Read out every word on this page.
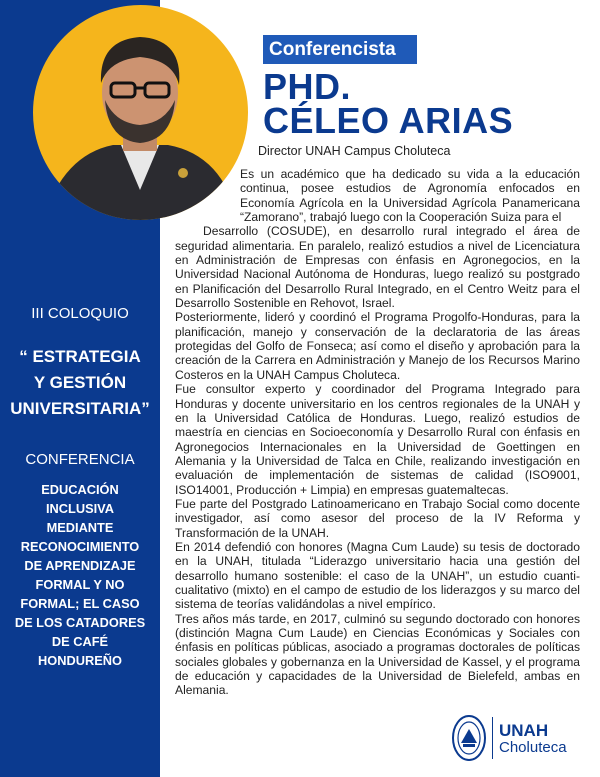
Conferencista
PHD.
CÉLEO ARIAS
Director UNAH Campus Choluteca
III COLOQUIO
“ ESTRATEGIA
Y GESTIÓN
UNIVERSITARIA”
CONFERENCIA
EDUCACIÓN
INCLUSIVA
MEDIANTE
RECONOCIMIENTO
DE APRENDIZAJE
FORMAL Y NO
FORMAL; EL CASO
DE LOS CATADORES
DE CAFÉ
HONDUREÑO

Es un académico que ha dedicado su vida a la educación continua, posee estudios de Agronomía enfocados en Economía Agrícola en la Universidad Agrícola Panamericana “Zamorano”, trabajó luego con la Cooperación Suiza para el

Desarrollo (COSUDE), en desarrollo rural integrado el área de seguridad alimentaria. En paralelo, realizó estudios a nivel de Licenciatura en Administración de Empresas con énfasis en Agronegocios, en la Universidad Nacional Autónoma de Honduras, luego realizó su postgrado en Planificación del Desarrollo Rural Integrado, en el Centro Weitz para el Desarrollo Sostenible en Rehovot, Israel.

Posteriormente, lideró y coordinó el Programa Progolfo-Honduras, para la planificación, manejo y conservación de la declaratoria de las áreas protegidas del Golfo de Fonseca; así como el diseño y aprobación para la creación de la Carrera en Administración y Manejo de los Recursos Marino Costeros en la UNAH Campus Choluteca.

Fue consultor experto y coordinador del Programa Integrado para Honduras y docente universitario en los centros regionales de la UNAH y en la Universidad Católica de Honduras. Luego, realizó estudios de maestría en ciencias en Socioeconomía y Desarrollo Rural con énfasis en Agronegocios Internacionales en la Universidad de Goettingen en Alemania y la Universidad de Talca en Chile, realizando investigación en evaluación de implementación de sistemas de calidad (ISO9001, ISO14001, Producción + Limpia) en empresas guatemaltecas.

Fue parte del Postgrado Latinoamericano en Trabajo Social como docente investigador, así como asesor del proceso de la IV Reforma y Transformación de la UNAH.

En 2014 defendió con honores (Magna Cum Laude) su tesis de doctorado en la UNAH, titulada “Liderazgo universitario hacia una gestión del desarrollo humano sostenible: el caso de la UNAH”, un estudio cuanti-cualitativo (mixto) en el campo de estudio de los liderazgos y su marco del sistema de teorías validándolas a nivel empírico.

Tres años más tarde, en 2017, culminó su segundo doctorado con honores (distinción Magna Cum Laude) en Ciencias Económicas y Sociales con énfasis en políticas públicas, asociado a programas doctorales de políticas sociales globales y gobernanza en la Universidad de Kassel, y el programa de educación y capacidades de la Universidad de Bielefeld, ambas en Alemania.

UNAH
Choluteca
